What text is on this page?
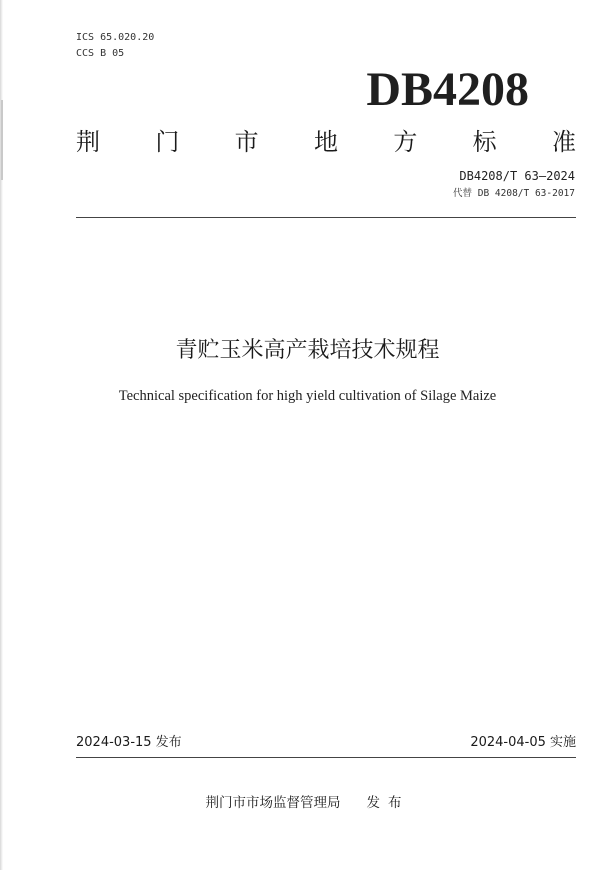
ICS 65.020.20
CCS B 05
DB4208
荆 门 市 地 方 标 准
DB4208/T 63—2024
代替 DB 4208/T 63-2017
青贮玉米高产栽培技术规程
Technical specification for high yield cultivation of Silage Maize
2024-03-15 发布	2024-04-05 实施
荆门市市场监督管理局 发布
